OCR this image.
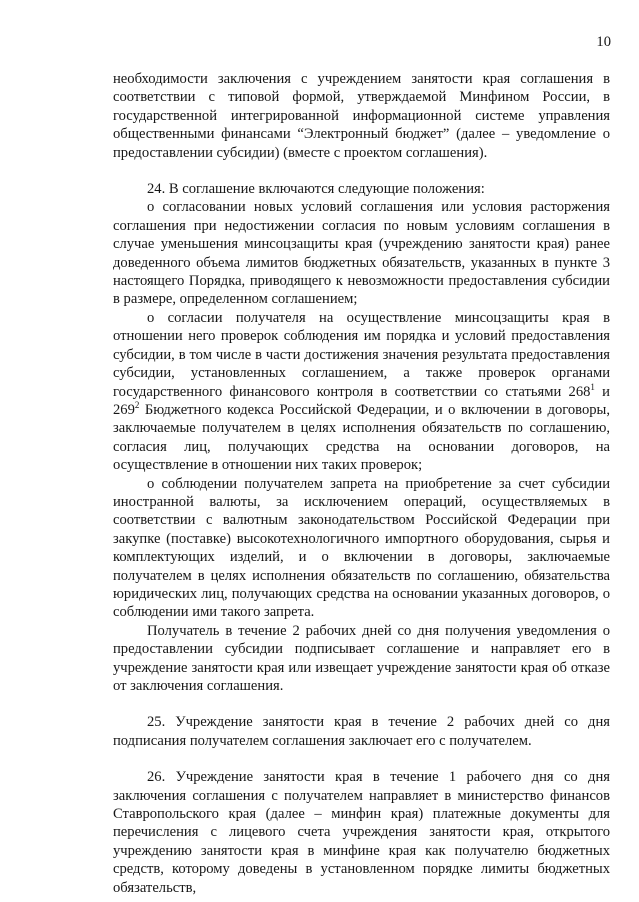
10

необходимости заключения с учреждением занятости края соглашения в соответствии с типовой формой, утверждаемой Минфином России, в государственной интегрированной информационной системе управления общественными финансами “Электронный бюджет” (далее – уведомление о предоставлении субсидии) (вместе с проектом соглашения).

24. В соглашение включаются следующие положения:

о согласовании новых условий соглашения или условия расторжения соглашения при недостижении согласия по новым условиям соглашения в случае уменьшения минсоцзащиты края (учреждению занятости края) ранее доведенного объема лимитов бюджетных обязательств, указанных в пункте 3 настоящего Порядка, приводящего к невозможности предоставления субсидии в размере, определенном соглашением;

о согласии получателя на осуществление минсоцзащиты края в отношении него проверок соблюдения им порядка и условий предоставления субсидии, в том числе в части достижения значения результата предоставления субсидии, установленных соглашением, а также проверок органами государственного финансового контроля в соответствии со статьями $268^1$ и $269^2$ Бюджетного кодекса Российской Федерации, и о включении в договоры, заключаемые получателем в целях исполнения обязательств по соглашению, согласия лиц, получающих средства на основании договоров, на осуществление в отношении них таких проверок;

о соблюдении получателем запрета на приобретение за счет субсидии иностранной валюты, за исключением операций, осуществляемых в соответствии с валютным законодательством Российской Федерации при закупке (поставке) высокотехнологичного импортного оборудования, сырья и комплектующих изделий, и о включении в договоры, заключаемые получателем в целях исполнения обязательств по соглашению, обязательства юридических лиц, получающих средства на основании указанных договоров, о соблюдении ими такого запрета.

Получатель в течение 2 рабочих дней со дня получения уведомления о предоставлении субсидии подписывает соглашение и направляет его в учреждение занятости края или извещает учреждение занятости края об отказе от заключения соглашения.

25. Учреждение занятости края в течение 2 рабочих дней со дня подписания получателем соглашения заключает его с получателем.

26. Учреждение занятости края в течение 1 рабочего дня со дня заключения соглашения с получателем направляет в министерство финансов Ставропольского края (далее – минфин края) платежные документы для перечисления с лицевого счета учреждения занятости края, открытого учреждению занятости края в минфине края как получателю бюджетных средств, которому доведены в установленном порядке лимиты бюджетных обязательств,
